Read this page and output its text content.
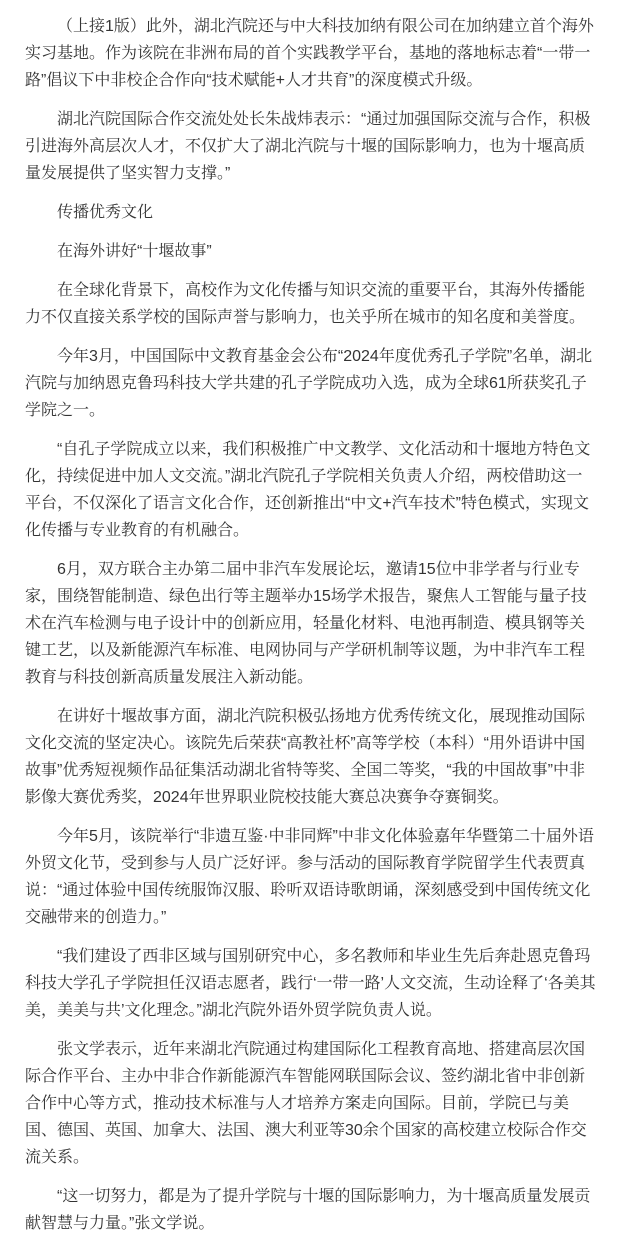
（上接1版）此外，湖北汽院还与中大科技加纳有限公司在加纳建立首个海外实习基地。作为该院在非洲布局的首个实践教学平台，基地的落地标志着“一带一路”倡议下中非校企合作向“技术赋能+人才共育”的深度模式升级。

湖北汽院国际合作交流处处长朱战炜表示：“通过加强国际交流与合作，积极引进海外高层次人才，不仅扩大了湖北汽院与十堰的国际影响力，也为十堰高质量发展提供了坚实智力支撑。”

传播优秀文化

在海外讲好“十堰故事”

在全球化背景下，高校作为文化传播与知识交流的重要平台，其海外传播能力不仅直接关系学校的国际声誉与影响力，也关乎所在城市的知名度和美誉度。

今年3月，中国国际中文教育基金会公布“2024年度优秀孔子学院”名单，湖北汽院与加纳恩克鲁玛科技大学共建的孔子学院成功入选，成为全球61所获奖孔子学院之一。

“自孔子学院成立以来，我们积极推广中文教学、文化活动和十堰地方特色文化，持续促进中加人文交流。”湖北汽院孔子学院相关负责人介绍，两校借助这一平台，不仅深化了语言文化合作，还创新推出“中文+汽车技术”特色模式，实现文化传播与专业教育的有机融合。

6月，双方联合主办第二届中非汽车发展论坛，邀请15位中非学者与行业专家，围绕智能制造、绿色出行等主题举办15场学术报告，聚焦人工智能与量子技术在汽车检测与电子设计中的创新应用，轻量化材料、电池再制造、模具钢等关键工艺，以及新能源汽车标准、电网协同与产学研机制等议题，为中非汽车工程教育与科技创新高质量发展注入新动能。

在讲好十堰故事方面，湖北汽院积极弘扬地方优秀传统文化，展现推动国际文化交流的坚定决心。该院先后荣获“高教社杯”高等学校（本科）“用外语讲中国故事”优秀短视频作品征集活动湖北省特等奖、全国二等奖，“我的中国故事”中非影像大赛优秀奖，2024年世界职业院校技能大赛总决赛争夺赛铜奖。

今年5月，该院举行“非遗互鉴·中非同辉”中非文化体验嘉年华暨第二十届外语外贸文化节，受到参与人员广泛好评。参与活动的国际教育学院留学生代表贾真说：“通过体验中国传统服饰汉服、聆听双语诗歌朗诵，深刻感受到中国传统文化交融带来的创造力。”

“我们建设了西非区域与国别研究中心，多名教师和毕业生先后奔赴恩克鲁玛科技大学孔子学院担任汉语志愿者，践行‘一带一路’人文交流，生动诠释了‘各美其美，美美与共’文化理念。”湖北汽院外语外贸学院负责人说。

张文学表示，近年来湖北汽院通过构建国际化工程教育高地、搭建高层次国际合作平台、主办中非合作新能源汽车智能网联国际会议、签约湖北省中非创新合作中心等方式，推动技术标准与人才培养方案走向国际。目前，学院已与美国、德国、英国、加拿大、法国、澳大利亚等30余个国家的高校建立校际合作交流关系。

“这一切努力，都是为了提升学院与十堰的国际影响力，为十堰高质量发展贡献智慧与力量。”张文学说。
